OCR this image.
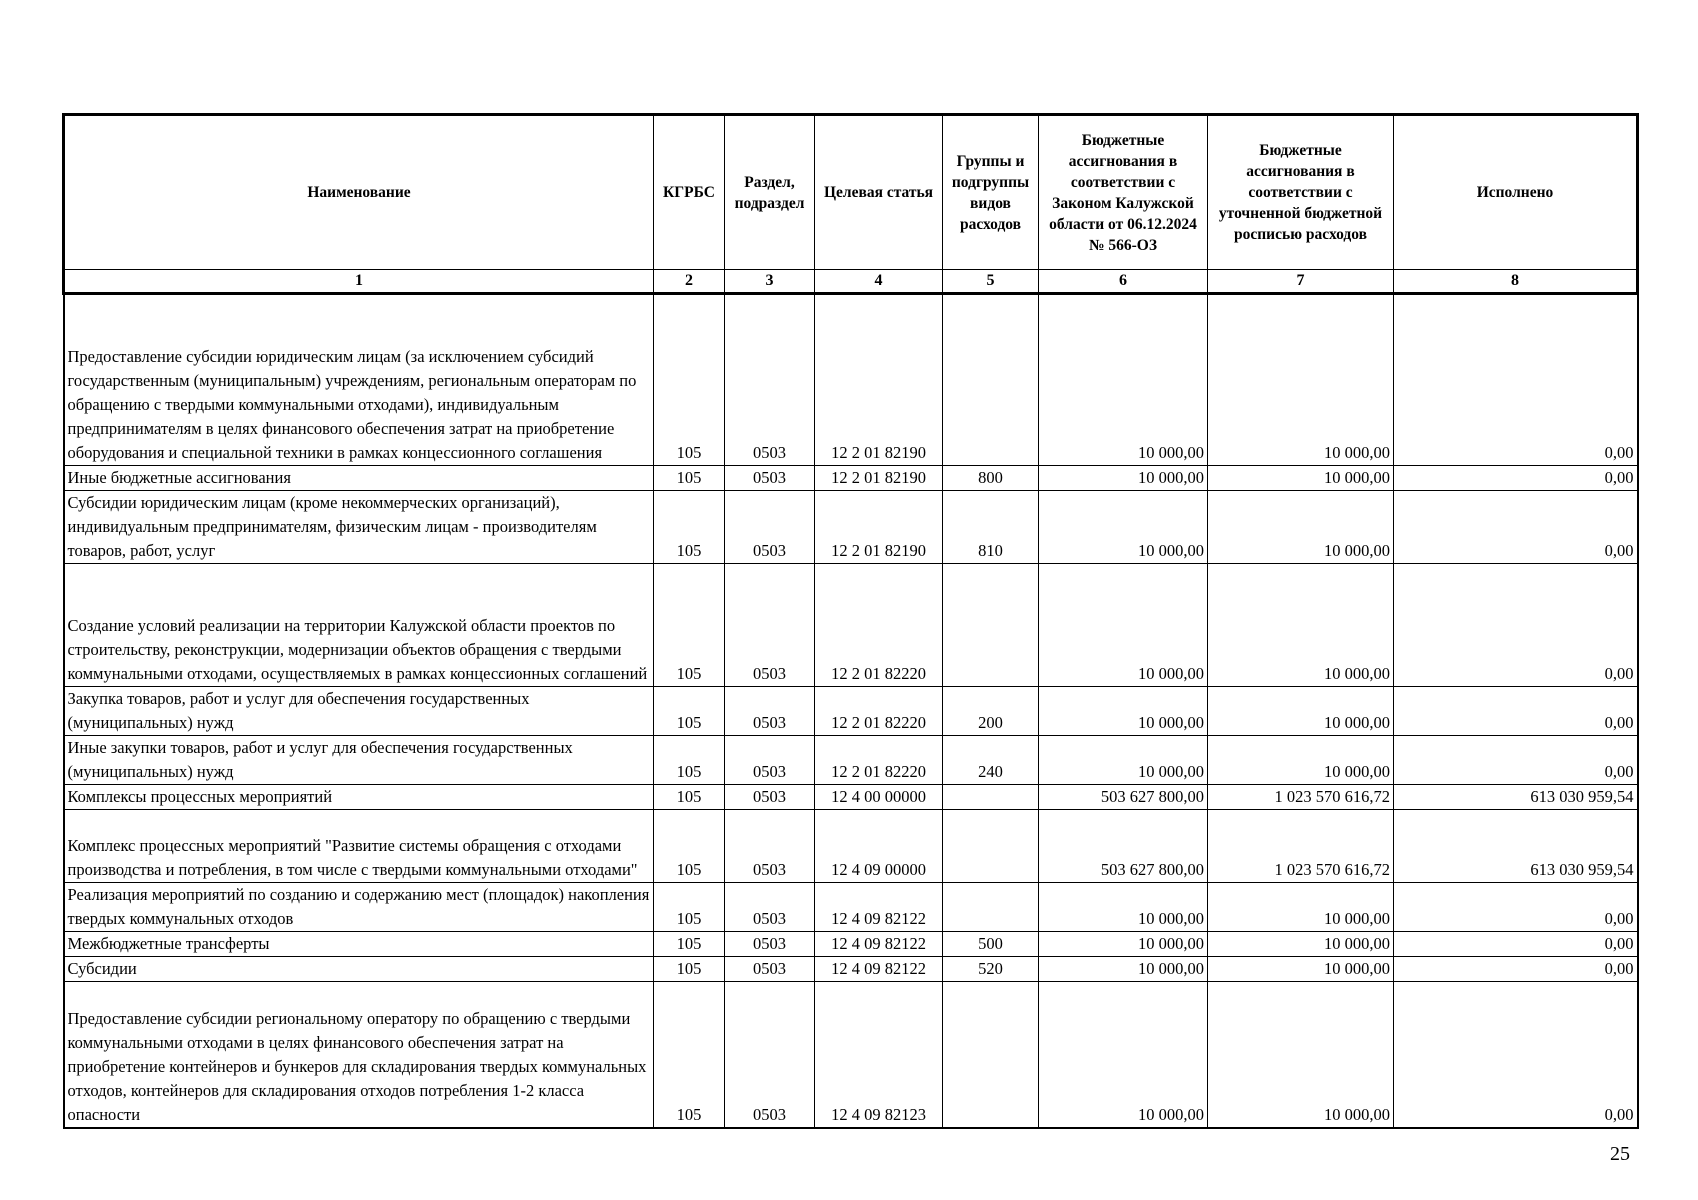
Наименование	КГРБС	Раздел, подраздел	Целевая статья	Группы и подгруппы видов расходов	Бюджетные ассигнования в соответствии с Законом Калужской области от 06.12.2024 № 566-ОЗ	Бюджетные ассигнования в соответствии с уточненной бюджетной росписью расходов	Исполнено
1	2	3	4	5	6	7	8
Предоставление субсидии юридическим лицам (за исключением субсидий государственным (муниципальным) учреждениям, региональным операторам по обращению с твердыми коммунальными отходами), индивидуальным предпринимателям в целях финансового обеспечения затрат на приобретение оборудования и специальной техники в рамках концессионного соглашения	105	0503	12 2 01 82190		10 000,00	10 000,00	0,00
Иные бюджетные ассигнования	105	0503	12 2 01 82190	800	10 000,00	10 000,00	0,00
Субсидии юридическим лицам (кроме некоммерческих организаций), индивидуальным предпринимателям, физическим лицам - производителям товаров, работ, услуг	105	0503	12 2 01 82190	810	10 000,00	10 000,00	0,00
Создание условий реализации на территории Калужской области проектов по строительству, реконструкции, модернизации объектов обращения с твердыми коммунальными отходами, осуществляемых в рамках концессионных соглашений	105	0503	12 2 01 82220		10 000,00	10 000,00	0,00
Закупка товаров, работ и услуг для обеспечения государственных (муниципальных) нужд	105	0503	12 2 01 82220	200	10 000,00	10 000,00	0,00
Иные закупки товаров, работ и услуг для обеспечения государственных (муниципальных) нужд	105	0503	12 2 01 82220	240	10 000,00	10 000,00	0,00
Комплексы процессных мероприятий	105	0503	12 4 00 00000		503 627 800,00	1 023 570 616,72	613 030 959,54
Комплекс процессных мероприятий "Развитие системы обращения с отходами производства и потребления, в том числе с твердыми коммунальными отходами"	105	0503	12 4 09 00000		503 627 800,00	1 023 570 616,72	613 030 959,54
Реализация мероприятий по созданию и содержанию мест (площадок) накопления твердых коммунальных отходов	105	0503	12 4 09 82122		10 000,00	10 000,00	0,00
Межбюджетные трансферты	105	0503	12 4 09 82122	500	10 000,00	10 000,00	0,00
Субсидии	105	0503	12 4 09 82122	520	10 000,00	10 000,00	0,00
Предоставление субсидии региональному оператору по обращению с твердыми коммунальными отходами в целях финансового обеспечения затрат на приобретение контейнеров и бункеров для складирования твердых коммунальных отходов, контейнеров для складирования отходов потребления 1-2 класса опасности	105	0503	12 4 09 82123		10 000,00	10 000,00	0,00
25
